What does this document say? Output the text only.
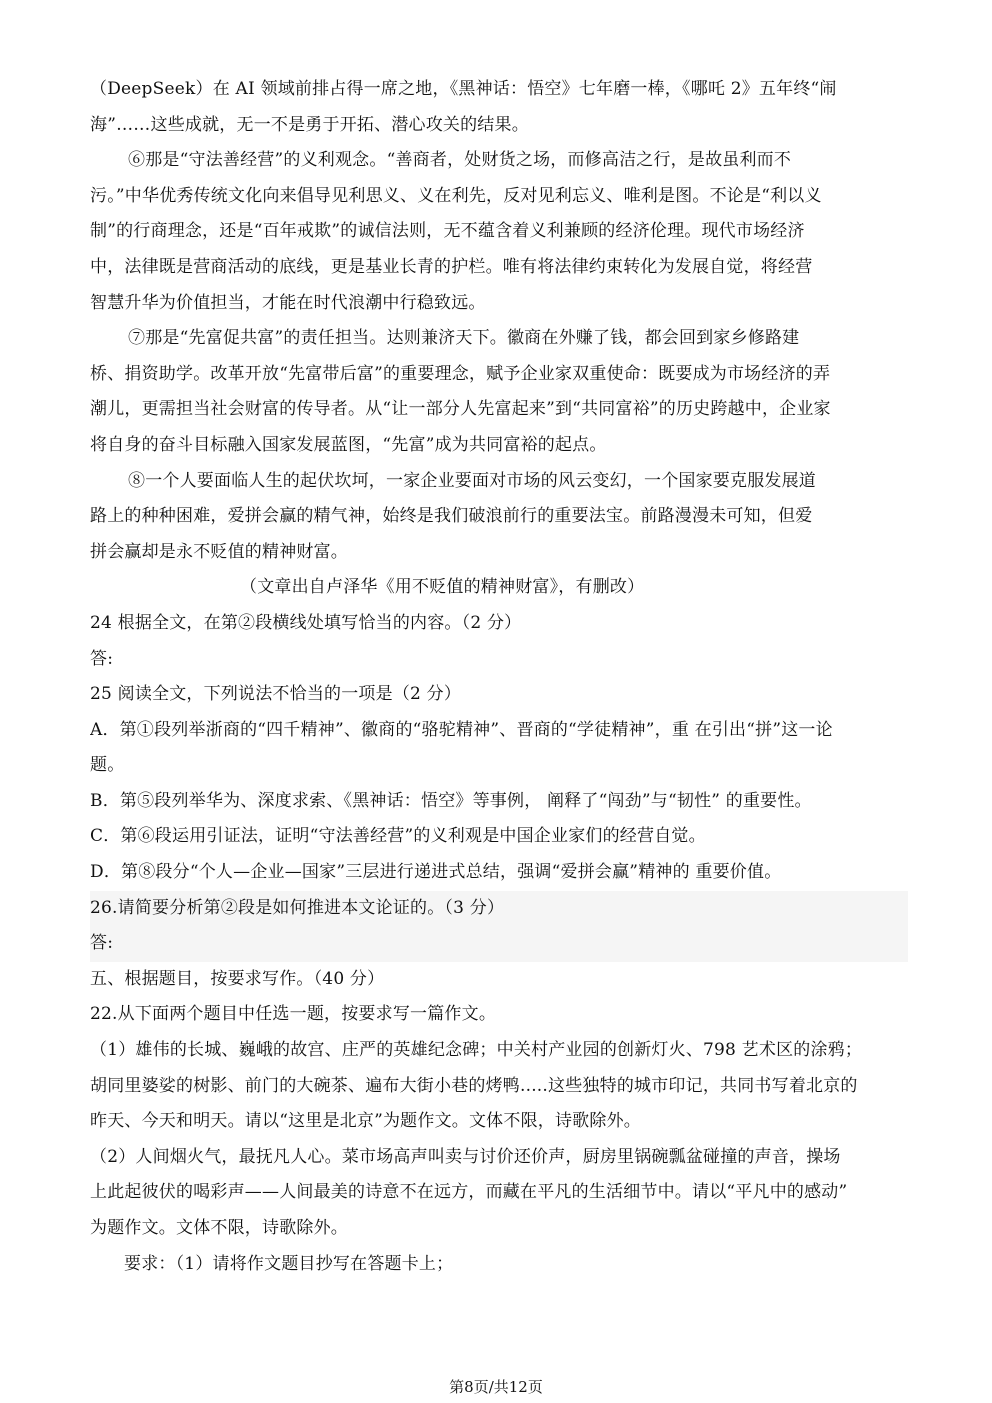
（DeepSeek）在 AI 领域前排占得一席之地，《黑神话：悟空》七年磨一棒，《哪吒 2》五年终“闹
海”……这些成就，无一不是勇于开拓、潜心攻关的结果。
⑥那是“守法善经营”的义利观念。“善商者，处财货之场，而修高洁之行，是故虽利而不
污。”中华优秀传统文化向来倡导见利思义、义在利先，反对见利忘义、唯利是图。不论是“利以义
制”的行商理念，还是“百年戒欺”的诚信法则，无不蕴含着义利兼顾的经济伦理。现代市场经济
中，法律既是营商活动的底线，更是基业长青的护栏。唯有将法律约束转化为发展自觉，将经营
智慧升华为价值担当，才能在时代浪潮中行稳致远。
⑦那是“先富促共富”的责任担当。达则兼济天下。徽商在外赚了钱，都会回到家乡修路建
桥、捐资助学。改革开放“先富带后富”的重要理念，赋予企业家双重使命：既要成为市场经济的弄
潮儿，更需担当社会财富的传导者。从“让一部分人先富起来”到“共同富裕”的历史跨越中，企业家
将自身的奋斗目标融入国家发展蓝图，“先富”成为共同富裕的起点。
⑧一个人要面临人生的起伏坎坷，一家企业要面对市场的风云变幻，一个国家要克服发展道
路上的种种困难，爱拼会赢的精气神，始终是我们破浪前行的重要法宝。前路漫漫未可知，但爱
拼会赢却是永不贬值的精神财富。
（文章出自卢泽华《用不贬值的精神财富》，有删改）
24 根据全文，在第②段横线处填写恰当的内容。（2 分）
答:
25 阅读全文，下列说法不恰当的一项是（2 分）
A．第①段列举浙商的“四千精神”、徽商的“骆驼精神”、晋商的“学徒精神”，重 在引出“拼”这一论
题。
B．第⑤段列举华为、深度求索、《黑神话：悟空》等事例， 阐释了“闯劲”与“韧性” 的重要性。
C．第⑥段运用引证法，证明“守法善经营”的义利观是中国企业家们的经营自觉。
D．第⑧段分“个人—企业—国家”三层进行递进式总结，强调“爱拼会赢”精神的 重要价值。
26.请简要分析第②段是如何推进本文论证的。（3 分）
答:
五、根据题目，按要求写作。（40 分）
22.从下面两个题目中任选一题，按要求写一篇作文。
（1）雄伟的长城、巍峨的故宫、庄严的英雄纪念碑；中关村产业园的创新灯火、798 艺术区的涂鸦；
胡同里婆娑的树影、前门的大碗茶、遍布大街小巷的烤鸭.....这些独特的城市印记，共同书写着北京的
昨天、今天和明天。请以“这里是北京”为题作文。文体不限，诗歌除外。
（2）人间烟火气，最抚凡人心。菜市场高声叫卖与讨价还价声，厨房里锅碗瓢盆碰撞的声音，操场
上此起彼伏的喝彩声——人间最美的诗意不在远方，而藏在平凡的生活细节中。请以“平凡中的感动”
为题作文。文体不限，诗歌除外。
要求：（1）请将作文题目抄写在答题卡上；
第8页/共12页
